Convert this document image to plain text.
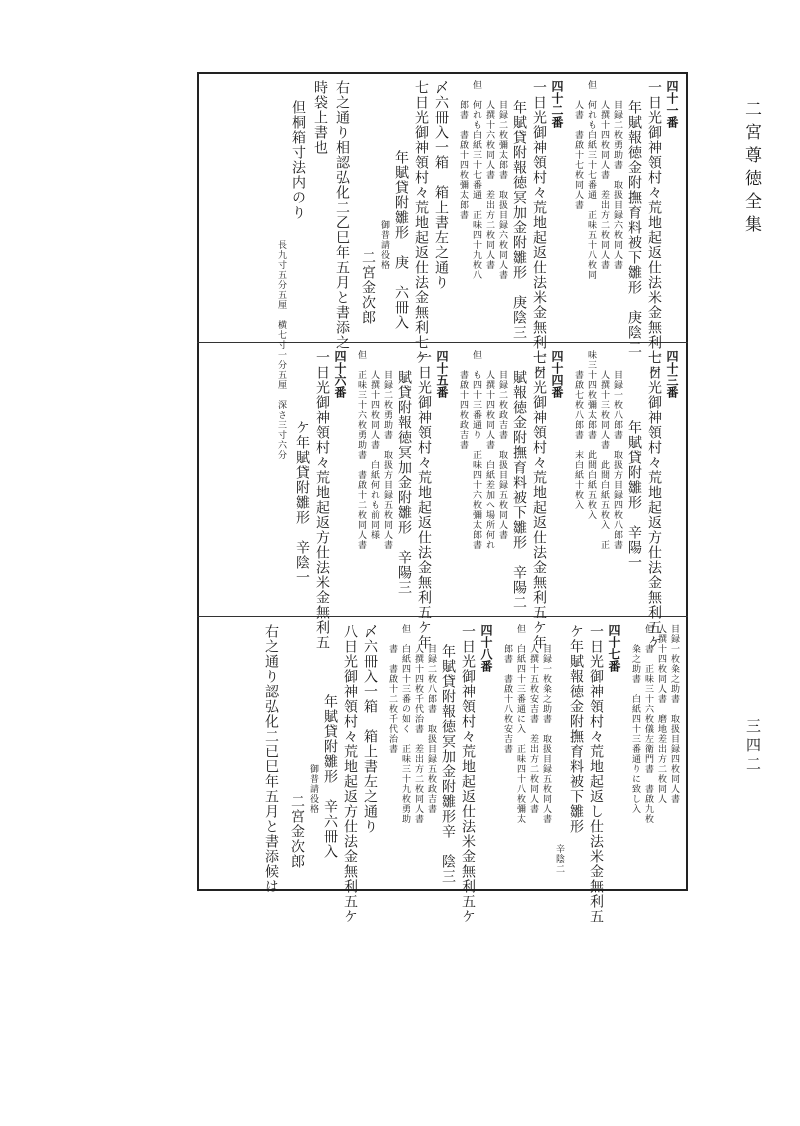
二宮尊徳全集
三四二
四十一番
一日光御神領村々荒地起返仕法米金無利七ケ
年賦報徳金附撫育料被下雛形　庚陰二
目録二枚勇助書　取扱目録六枚同人書
人撰十四枚同人書　差出方二枚同人書
但　何れも白紙三十七番通　正味五十八枚同
人書　書啟十七枚同人書
四十二番
一日光御神領村々荒地起返仕法米金無利七ケ
年賦貸附報徳冥加金附雛形　庚陰三
目録二枚彌太郎書　取扱目録六枚同人書
人撰十六枚同人書　差出方二枚同人書
但　何れも白紙三十七番通　正味四十九枚八
郎書　書啟十四枚彌太郎書
〆六冊入一箱　箱上書左之通り
七日光御神領村々荒地起返仕法金無利七ケ
年賦貸附雛形　庚　六冊入
御普請役格
二宮金次郎
右之通り相認弘化二乙巳年五月と書添之
時袋上書也
但桐箱寸法内のり
長九寸五分五厘　横七寸一分五厘　深さ三寸六分	四十三番
一日光御神領村々荒地起返方仕法金無利五ケ
年賦貸附雛形　辛陽一
目録一枚八郎書　取扱方目録四枚八郎書
人撰十三枚同人書　此間白紙五枚入　正
味三十四枚彌太郎書　此間白紙五枚入
書啟七枚八郎書　末白紙十枚入
四十四番
一日光御神領村々荒地起返仕法金無利五ケ年
賦報徳金附撫育料被下雛形　辛陽二
目録二枚政吉書　取扱目録五枚同人書
人撰十四枚同人書　白紙差加へ場所何れ
但　も四十三番通り　正味四十六枚彌太郎書
書啟十四枚政吉書
四十五番
一日光御神領村々荒地起返仕法金無利五ケ年
賦貸附報徳冥加金附雛形　辛陽三
目録二枚勇助書　取扱方目録五枚同人書
人撰十四枚同人書　白紙何れも前同様
但　正味三十六枚勇助書　書啟十二枚同人書
四十六番
一日光御神領村々荒地起返方仕法米金無利五
ケ年賦貸附雛形　辛陰一
目録一枚粂之助書　取扱目録四枚同人書
人撰十四枚同人書　磨地差出方二枚同人
但　書　正味三十六枚儀左衛門書　書啟九枚
粂之助書　白紙四十三番通りに致し入
四十七番
一日光御神領村々荒地起返し仕法米金無利五
ケ年賦報徳金附撫育料被下雛形
辛陰二
目録一枚粂之助書　取扱目録五枚同人書
人撰十五枚安吉書　差出方二枚同人書
但　白紙四十三番通に入　正味四十八枚彌太
郎書　書啟十八枚安吉書
四十八番
一日光御神領村々荒地起返仕法米金無利五ケ
年賦貸附報徳冥加金附雛形辛　陰三
目録二枚八郎書　取扱目録五枚政吉書
人撰十四枚千代治書　差出方二枚同人書
但　白紙四十三番の如く　正味三十九枚勇助
書　書啟十二枚千代治書
〆六冊入一箱　箱上書左之通り
八日光御神領村々荒地起返方仕法金無利五ケ
年賦貸附雛形　辛六冊入
御普請役格
二宮金次郎
右之通り認弘化二已巳年五月と書添候は
